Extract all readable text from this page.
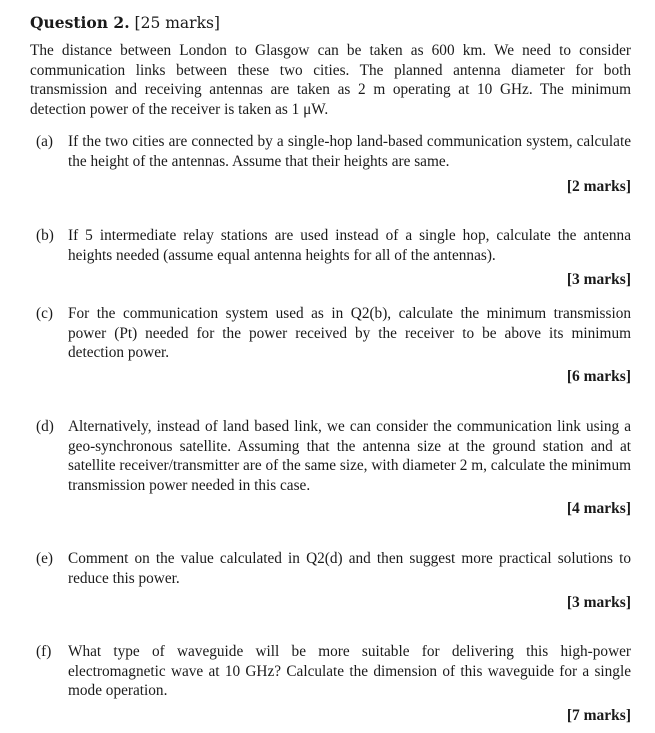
Question 2. [25 marks]

The distance between London to Glasgow can be taken as 600 km. We need to consider communication links between these two cities. The planned antenna diameter for both transmission and receiving antennas are taken as 2 m operating at 10 GHz. The minimum detection power of the receiver is taken as 1 μW.

(a) If the two cities are connected by a single-hop land-based communication system, calculate the height of the antennas. Assume that their heights are same.
[2 marks]
(b) If 5 intermediate relay stations are used instead of a single hop, calculate the antenna heights needed (assume equal antenna heights for all of the antennas).
[3 marks]
(c) For the communication system used as in Q2(b), calculate the minimum transmission power (Pt) needed for the power received by the receiver to be above its minimum detection power.
[6 marks]
(d) Alternatively, instead of land based link, we can consider the communication link using a geo-synchronous satellite. Assuming that the antenna size at the ground station and at satellite receiver/transmitter are of the same size, with diameter 2 m, calculate the minimum transmission power needed in this case.
[4 marks]
(e) Comment on the value calculated in Q2(d) and then suggest more practical solutions to reduce this power.
[3 marks]
(f)	What type of waveguide will be more suitable for delivering this high-power electromagnetic wave at 10 GHz? Calculate the dimension of this waveguide for a single mode operation.
[7 marks]
